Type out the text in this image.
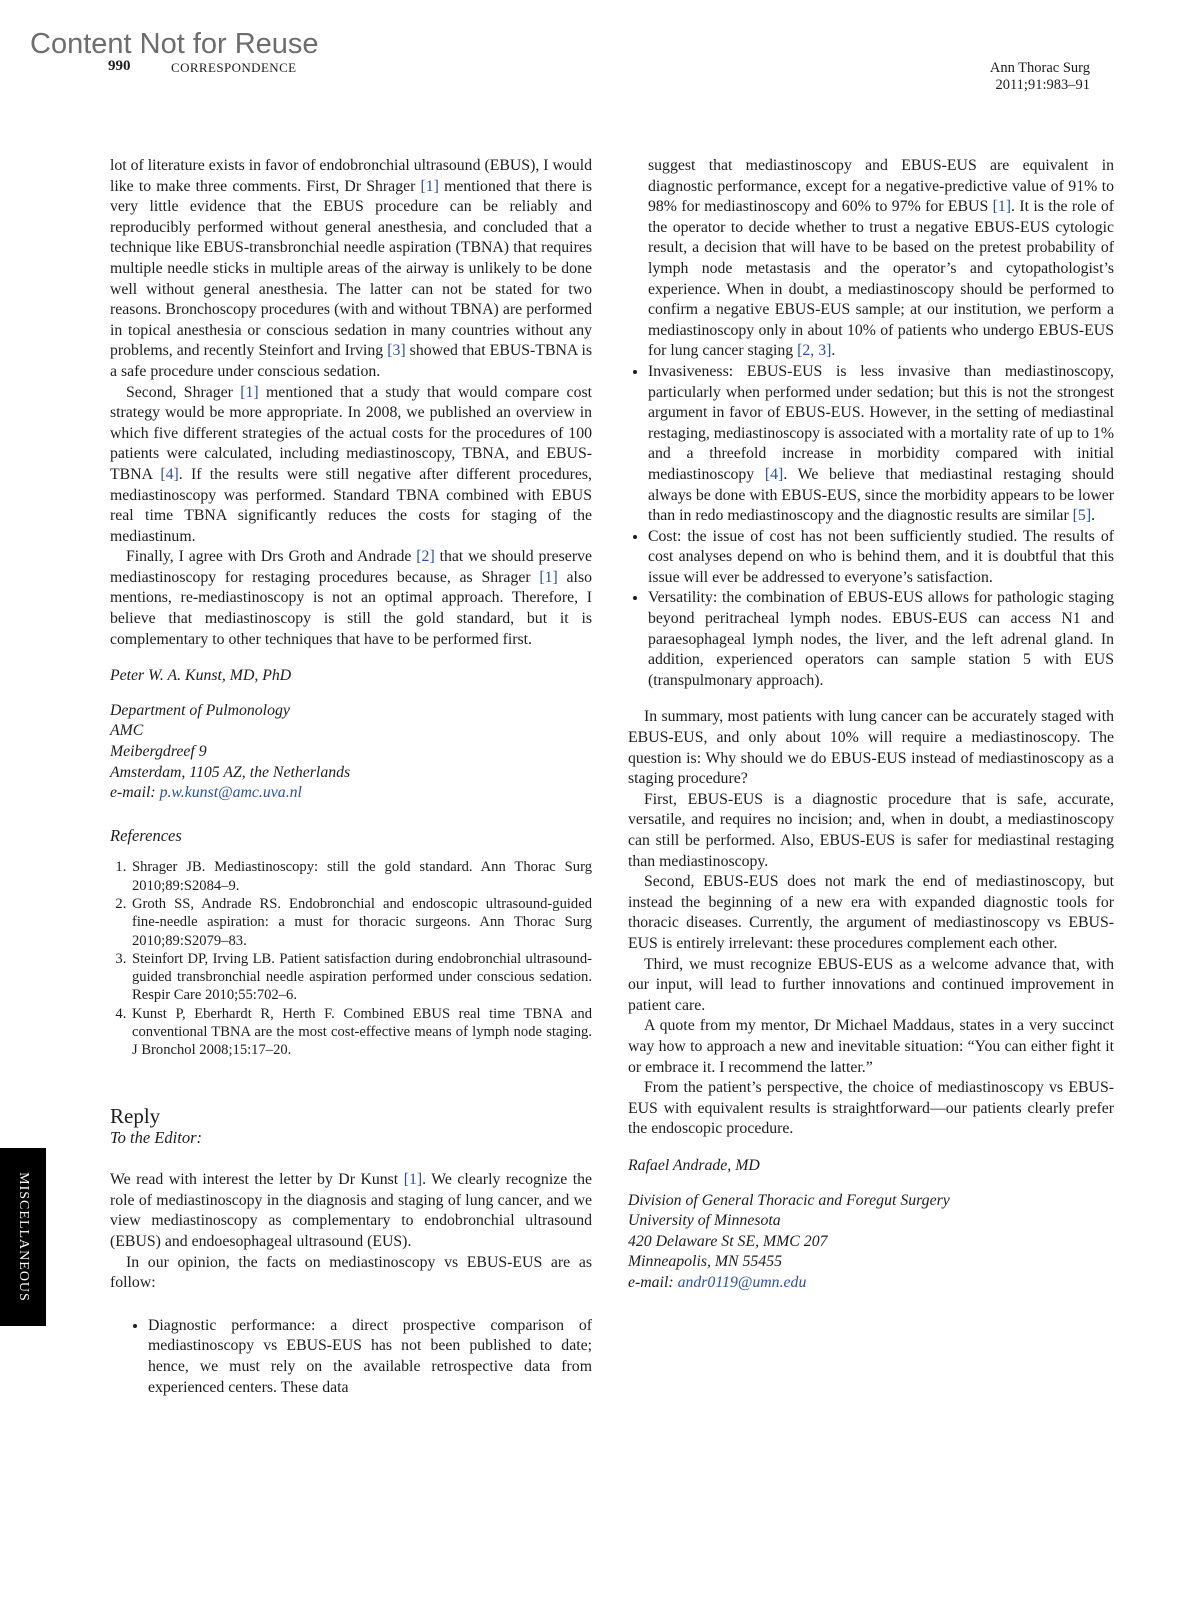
Content Not for Reuse
990	CORRESPONDENCE	Ann Thorac Surg
2011;91:983–91
MISCELLANEOUS

lot of literature exists in favor of endobronchial ultrasound (EBUS), I would like to make three comments. First, Dr Shrager [1] mentioned that there is very little evidence that the EBUS procedure can be reliably and reproducibly performed without general anesthesia, and concluded that a technique like EBUS-transbronchial needle aspiration (TBNA) that requires multiple needle sticks in multiple areas of the airway is unlikely to be done well without general anesthesia. The latter can not be stated for two reasons. Bronchoscopy procedures (with and without TBNA) are performed in topical anesthesia or conscious sedation in many countries without any problems, and recently Steinfort and Irving [3] showed that EBUS-TBNA is a safe procedure under conscious sedation.

Second, Shrager [1] mentioned that a study that would compare cost strategy would be more appropriate. In 2008, we published an overview in which five different strategies of the actual costs for the procedures of 100 patients were calculated, including mediastinoscopy, TBNA, and EBUS-TBNA [4]. If the results were still negative after different procedures, mediastinoscopy was performed. Standard TBNA combined with EBUS real time TBNA significantly reduces the costs for staging of the mediastinum.

Finally, I agree with Drs Groth and Andrade [2] that we should preserve mediastinoscopy for restaging procedures because, as Shrager [1] also mentions, re-mediastinoscopy is not an optimal approach. Therefore, I believe that mediastinoscopy is still the gold standard, but it is complementary to other techniques that have to be performed first.

Peter W. A. Kunst, MD, PhD

Department of Pulmonology
AMC
Meibergdreef 9
Amsterdam, 1105 AZ, the Netherlands
e-mail: p.w.kunst@amc.uva.nl

References

1. Shrager JB. Mediastinoscopy: still the gold standard. Ann Thorac Surg 2010;89:S2084–9.
2. Groth SS, Andrade RS. Endobronchial and endoscopic ultrasound-guided fine-needle aspiration: a must for thoracic surgeons. Ann Thorac Surg 2010;89:S2079–83.
3. Steinfort DP, Irving LB. Patient satisfaction during endobronchial ultrasound-guided transbronchial needle aspiration performed under conscious sedation. Respir Care 2010;55:702–6.
4. Kunst P, Eberhardt R, Herth F. Combined EBUS real time TBNA and conventional TBNA are the most cost-effective means of lymph node staging. J Bronchol 2008;15:17–20.

Reply

To the Editor:

We read with interest the letter by Dr Kunst [1]. We clearly recognize the role of mediastinoscopy in the diagnosis and staging of lung cancer, and we view mediastinoscopy as complementary to endobronchial ultrasound (EBUS) and endoesophageal ultrasound (EUS).

In our opinion, the facts on mediastinoscopy vs EBUS-EUS are as follow:

• Diagnostic performance: a direct prospective comparison of mediastinoscopy vs EBUS-EUS has not been published to date; hence, we must rely on the available retrospective data from experienced centers. These data

suggest that mediastinoscopy and EBUS-EUS are equivalent in diagnostic performance, except for a negative-predictive value of 91% to 98% for mediastinoscopy and 60% to 97% for EBUS [1]. It is the role of the operator to decide whether to trust a negative EBUS-EUS cytologic result, a decision that will have to be based on the pretest probability of lymph node metastasis and the operator’s and cytopathologist’s experience. When in doubt, a mediastinoscopy should be performed to confirm a negative EBUS-EUS sample; at our institution, we perform a mediastinoscopy only in about 10% of patients who undergo EBUS-EUS for lung cancer staging [2, 3].

• Invasiveness: EBUS-EUS is less invasive than mediastinoscopy, particularly when performed under sedation; but this is not the strongest argument in favor of EBUS-EUS. However, in the setting of mediastinal restaging, mediastinoscopy is associated with a mortality rate of up to 1% and a threefold increase in morbidity compared with initial mediastinoscopy [4]. We believe that mediastinal restaging should always be done with EBUS-EUS, since the morbidity appears to be lower than in redo mediastinoscopy and the diagnostic results are similar [5].
• Cost: the issue of cost has not been sufficiently studied. The results of cost analyses depend on who is behind them, and it is doubtful that this issue will ever be addressed to everyone’s satisfaction.
• Versatility: the combination of EBUS-EUS allows for pathologic staging beyond peritracheal lymph nodes. EBUS-EUS can access N1 and paraesophageal lymph nodes, the liver, and the left adrenal gland. In addition, experienced operators can sample station 5 with EUS (transpulmonary approach).

In summary, most patients with lung cancer can be accurately staged with EBUS-EUS, and only about 10% will require a mediastinoscopy. The question is: Why should we do EBUS-EUS instead of mediastinoscopy as a staging procedure?

First, EBUS-EUS is a diagnostic procedure that is safe, accurate, versatile, and requires no incision; and, when in doubt, a mediastinoscopy can still be performed. Also, EBUS-EUS is safer for mediastinal restaging than mediastinoscopy.

Second, EBUS-EUS does not mark the end of mediastinoscopy, but instead the beginning of a new era with expanded diagnostic tools for thoracic diseases. Currently, the argument of mediastinoscopy vs EBUS-EUS is entirely irrelevant: these procedures complement each other.

Third, we must recognize EBUS-EUS as a welcome advance that, with our input, will lead to further innovations and continued improvement in patient care.

A quote from my mentor, Dr Michael Maddaus, states in a very succinct way how to approach a new and inevitable situation: “You can either fight it or embrace it. I recommend the latter.”

From the patient’s perspective, the choice of mediastinoscopy vs EBUS-EUS with equivalent results is straightforward—our patients clearly prefer the endoscopic procedure.

Rafael Andrade, MD

Division of General Thoracic and Foregut Surgery
University of Minnesota
420 Delaware St SE, MMC 207
Minneapolis, MN 55455
e-mail: andr0119@umn.edu
